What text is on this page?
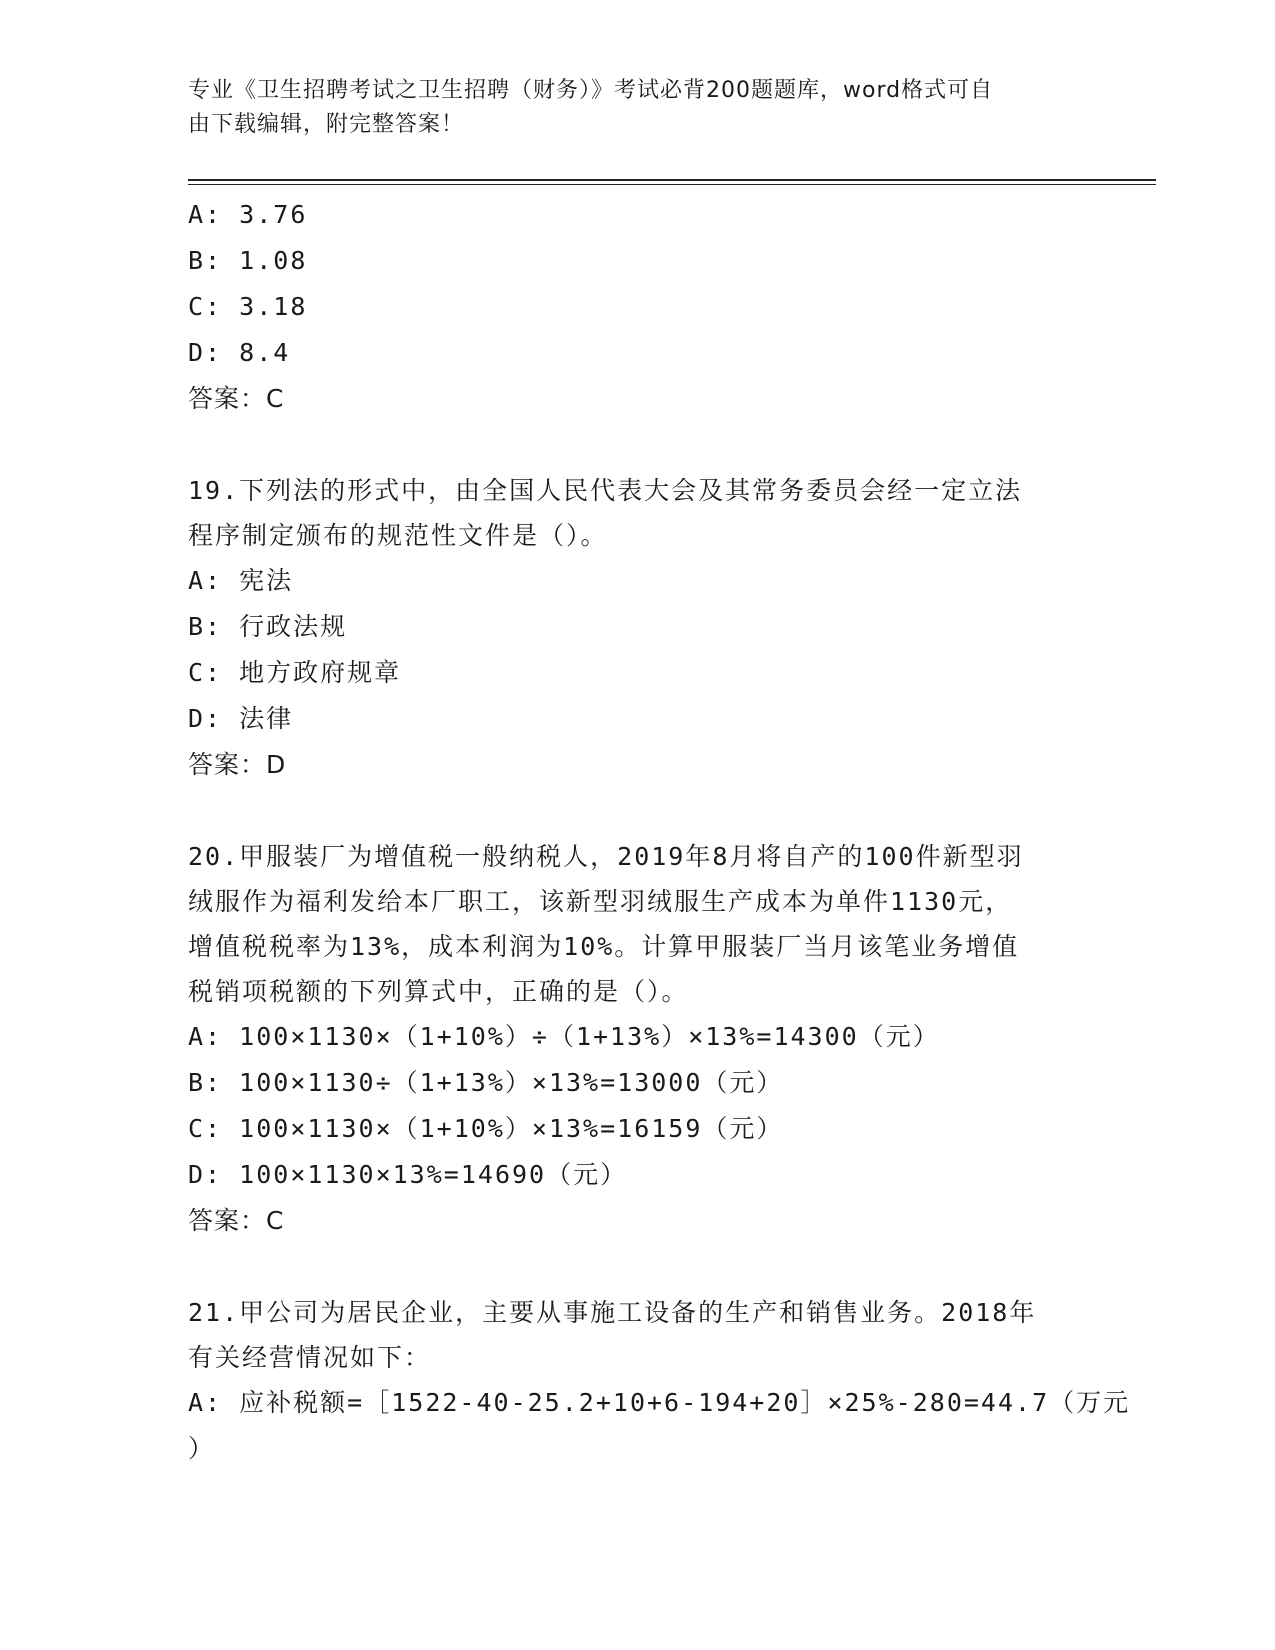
专业《卫生招聘考试之卫生招聘（财务）》考试必背200题题库，word格式可自
由下载编辑，附完整答案！
A: 3.76
B: 1.08
C: 3.18
D: 8.4
答案：C
19.下列法的形式中，由全国人民代表大会及其常务委员会经一定立法
程序制定颁布的规范性文件是（）。
A: 宪法
B: 行政法规
C: 地方政府规章
D: 法律
答案：D
20.甲服装厂为增值税一般纳税人，2019年8月将自产的100件新型羽
绒服作为福利发给本厂职工，该新型羽绒服生产成本为单件1130元，
增值税税率为13%，成本利润为10%。计算甲服装厂当月该笔业务增值
税销项税额的下列算式中，正确的是（）。
A: 100×1130×（1+10%）÷（1+13%）×13%=14300（元）
B: 100×1130÷（1+13%）×13%=13000（元）
C: 100×1130×（1+10%）×13%=16159（元）
D: 100×1130×13%=14690（元）
答案：C
21.甲公司为居民企业，主要从事施工设备的生产和销售业务。2018年
有关经营情况如下：
A: 应补税额=［1522-40-25.2+10+6-194+20］×25%-280=44.7（万元
）
